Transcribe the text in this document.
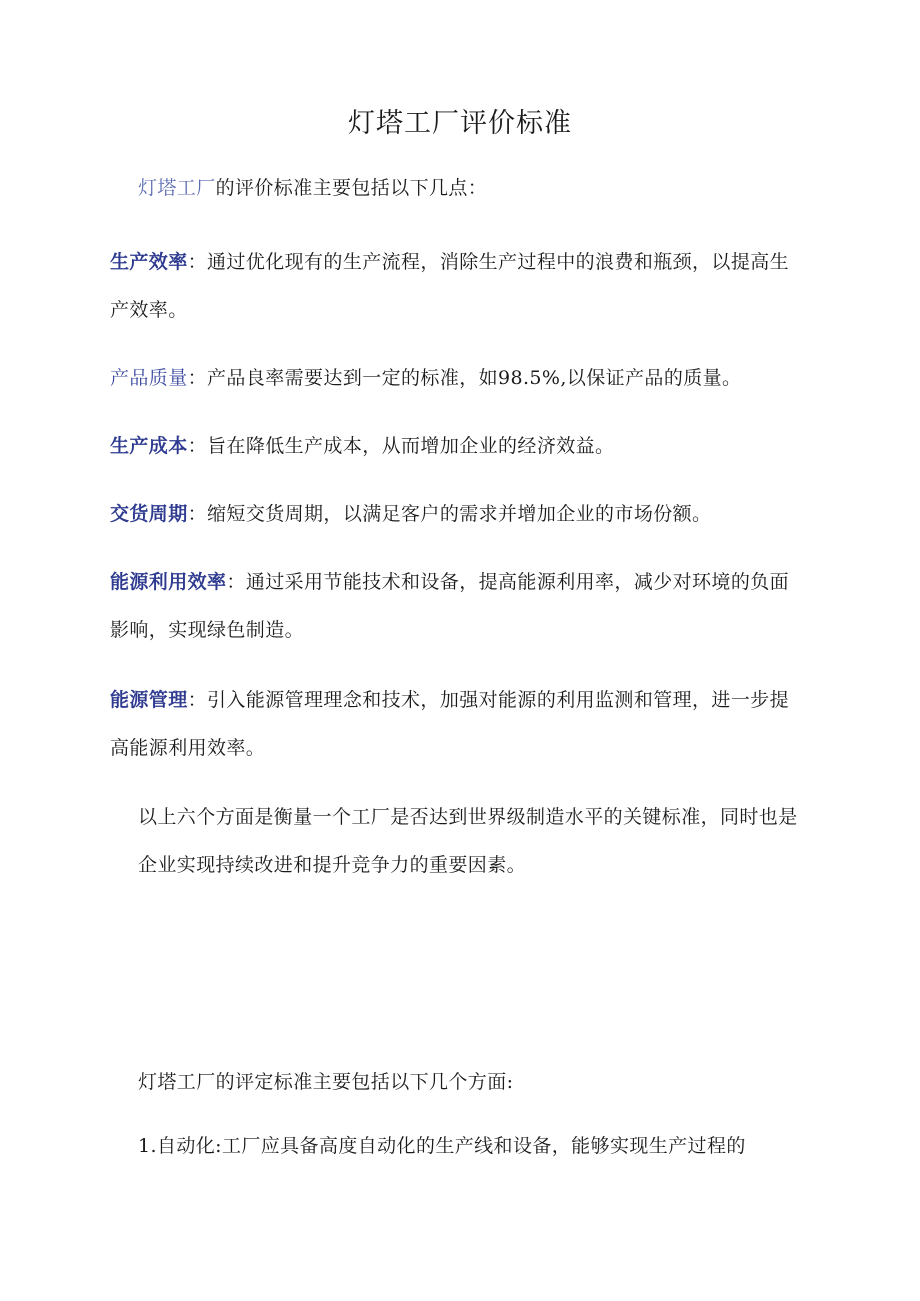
灯塔工厂评价标准

灯塔工厂的评价标准主要包括以下几点：

生产效率：通过优化现有的生产流程，消除生产过程中的浪费和瓶颈，以提高生产效率。

产品质量：产品良率需要达到一定的标准，如98.5%,以保证产品的质量。

生产成本：旨在降低生产成本，从而增加企业的经济效益。

交货周期：缩短交货周期，以满足客户的需求并增加企业的市场份额。

能源利用效率：通过采用节能技术和设备，提高能源利用率，减少对环境的负面影响，实现绿色制造。

能源管理：引入能源管理理念和技术，加强对能源的利用监测和管理，进一步提高能源利用效率。

以上六个方面是衡量一个工厂是否达到世界级制造水平的关键标准，同时也是企业实现持续改进和提升竞争力的重要因素。

灯塔工厂的评定标准主要包括以下几个方面:

1.自动化:工厂应具备高度自动化的生产线和设备，能够实现生产过程的
